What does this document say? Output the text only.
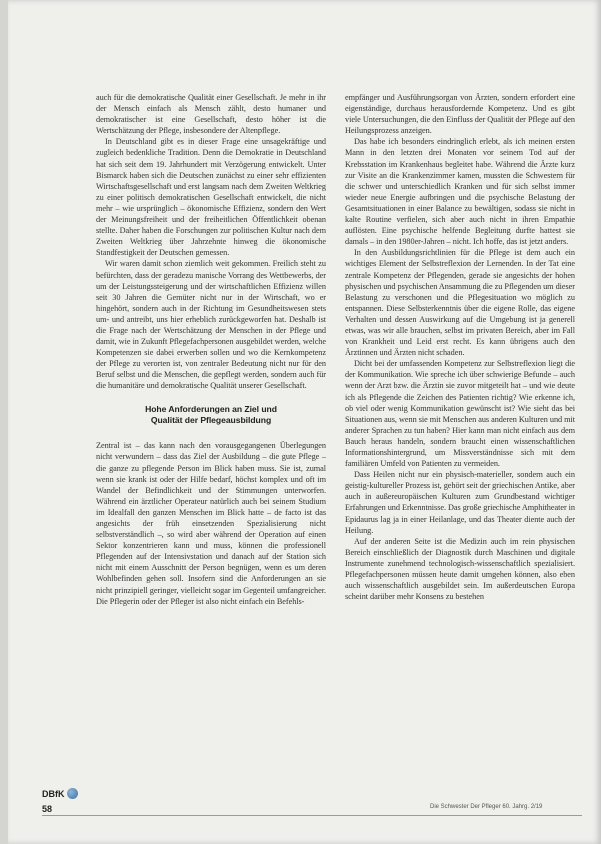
auch für die demokratische Qualität einer Gesellschaft. Je mehr in ihr der Mensch einfach als Mensch zählt, desto humaner und demokratischer ist eine Gesellschaft, desto höher ist die Wertschätzung der Pflege, insbesondere der Altenpflege.

In Deutschland gibt es in dieser Frage eine unsagekräftige und zugleich bedenkliche Tradition. Denn die Demokratie in Deutschland hat sich seit dem 19. Jahrhundert mit Verzögerung entwickelt. Unter Bismarck haben sich die Deutschen zunächst zu einer sehr effizienten Wirtschaftsgesellschaft und erst langsam nach dem Zweiten Weltkrieg zu einer politisch demokratischen Gesellschaft entwickelt, die nicht mehr – wie ursprünglich – ökonomische Effizienz, sondern den Wert der Meinungsfreiheit und der freiheitlichen Öffentlichkeit obenan stellte. Daher haben die Forschungen zur politischen Kultur nach dem Zweiten Weltkrieg über Jahrzehnte hinweg die ökonomische Standfestigkeit der Deutschen gemessen.

Wir waren damit schon ziemlich weit gekommen. Freilich steht zu befürchten, dass der geradezu manische Vorrang des Wettbewerbs, der um der Leistungssteigerung und der wirtschaftlichen Effizienz willen seit 30 Jahren die Gemüter nicht nur in der Wirtschaft, wo er hingehört, sondern auch in der Richtung im Gesundheitswesen stets um- und antreibt, uns hier erheblich zurückgeworfen hat. Deshalb ist die Frage nach der Wertschätzung der Menschen in der Pflege und damit, wie in Zukunft Pflegefachpersonen ausgebildet werden, welche Kompetenzen sie dabei erwerben sollen und wo die Kernkompetenz der Pflege zu verorten ist, von zentraler Bedeutung nicht nur für den Beruf selbst und die Menschen, die gepflegt werden, sondern auch für die humanitäre und demokratische Qualität unserer Gesellschaft.

Hohe Anforderungen an Ziel und
Qualität der Pflegeausbildung

Zentral ist – das kann nach den vorausgegangenen Überlegungen nicht verwundern – dass das Ziel der Ausbildung – die gute Pflege – die ganze zu pflegende Person im Blick haben muss. Sie ist, zumal wenn sie krank ist oder der Hilfe bedarf, höchst komplex und oft im Wandel der Befindlichkeit und der Stimmungen unterworfen. Während ein ärztlicher Operateur natürlich auch bei seinem Studium im Idealfall den ganzen Menschen im Blick hatte – de facto ist das angesichts der früh einsetzenden Spezialisierung nicht selbstverständlich –, so wird aber während der Operation auf einen Sektor konzentrieren kann und muss, können die professionell Pflegenden auf der Intensivstation und danach auf der Station sich nicht mit einem Ausschnitt der Person begnügen, wenn es um deren Wohlbefinden gehen soll. Insofern sind die Anforderungen an sie nicht prinzipiell geringer, vielleicht sogar im Gegenteil umfangreicher. Die Pflegerin oder der Pfleger ist also nicht einfach ein Befehls-

empfänger und Ausführungsorgan von Ärzten, sondern erfordert eine eigenständige, durchaus herausfordernde Kompetenz. Und es gibt viele Untersuchungen, die den Einfluss der Qualität der Pflege auf den Heilungsprozess anzeigen.

Das habe ich besonders eindringlich erlebt, als ich meinen ersten Mann in den letzten drei Monaten vor seinem Tod auf der Krebsstation im Krankenhaus begleitet habe. Während die Ärzte kurz zur Visite an die Krankenzimmer kamen, mussten die Schwestern für die schwer und unterschiedlich Kranken und für sich selbst immer wieder neue Energie aufbringen und die psychische Belastung der Gesamtsituationen in einer Balance zu bewältigen, sodass sie nicht in kalte Routine verfielen, sich aber auch nicht in ihren Empathie auflösten. Eine psychische helfende Begleitung durfte hattest sie damals – in den 1980er-Jahren – nicht. Ich hoffe, das ist jetzt anders.

In den Ausbildungsrichtlinien für die Pflege ist dem auch ein wichtiges Element der Selbstreflexion der Lernenden. In der Tat eine zentrale Kompetenz der Pflegenden, gerade sie angesichts der hohen physischen und psychischen Ansammung die zu Pflegenden um dieser Belastung zu verschonen und die Pflegesituation wo möglich zu entspannen. Diese Selbsterkenntnis über die eigene Rolle, das eigene Verhalten und dessen Auswirkung auf die Umgebung ist ja generell etwas, was wir alle brauchen, selbst im privaten Bereich, aber im Fall von Krankheit und Leid erst recht. Es kann übrigens auch den Ärztinnen und Ärzten nicht schaden.

Dicht bei der umfassenden Kompetenz zur Selbstreflexion liegt die der Kommunikation. Wie spreche ich über schwierige Befunde – auch wenn der Arzt bzw. die Ärztin sie zuvor mitgeteilt hat – und wie deute ich als Pflegende die Zeichen des Patienten richtig? Wie erkenne ich, ob viel oder wenig Kommunikation gewünscht ist? Wie sieht das bei Situationen aus, wenn sie mit Menschen aus anderen Kulturen und mit anderer Sprachen zu tun haben? Hier kann man nicht einfach aus dem Bauch heraus handeln, sondern braucht einen wissenschaftlichen Informationshintergrund, um Missverständnisse sich mit dem familiären Umfeld von Patienten zu vermeiden.

Dass Heilen nicht nur ein physisch-materieller, sondern auch ein geistig-kultureller Prozess ist, gehört seit der griechischen Antike, aber auch in außereuropäischen Kulturen zum Grundbestand wichtiger Erfahrungen und Erkenntnisse. Das große griechische Amphitheater in Epidaurus lag ja in einer Heilanlage, und das Theater diente auch der Heilung.

Auf der anderen Seite ist die Medizin auch im rein physischen Bereich einschließlich der Diagnostik durch Maschinen und digitale Instrumente zunehmend technologisch-wissenschaftlich spezialisiert. Pflegefachpersonen müssen heute damit umgehen können, also eben auch wissenschaftlich ausgebildet sein. Im außerdeutschen Europa scheint darüber mehr Konsens zu bestehen

DBfK
58	Die Schwester Der Pfleger 60. Jahrg. 2/19
